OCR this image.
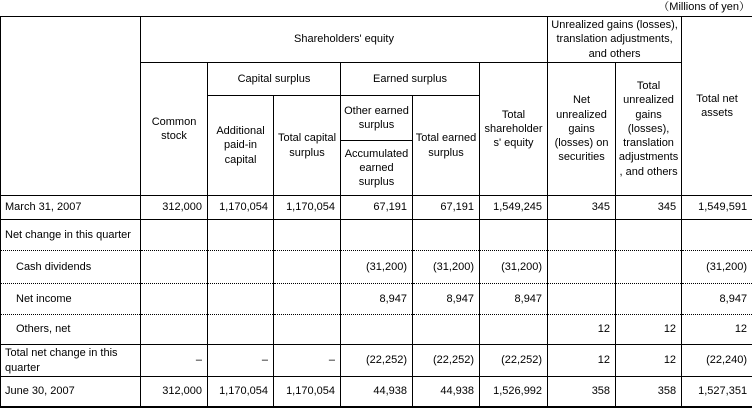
（Millions of yen）
	Shareholders' equity						Unrealized gains (losses), translation adjustments, and others		Total net assets
	Common stock	Capital surplus		Earned surplus		Total shareholders' equity	Net unrealized gains (losses) on securities	Total unrealized gains (losses), translation adjustments, and others	
		Additional paid-in capital	Total capital surplus	Other earned surplus	Total earned surplus				
				Accumulated earned surplus					
March 31, 2007	312,000	1,170,054	1,170,054	67,191	67,191	1,549,245	345	345	1,549,591
Net change in this quarter									
Cash dividends				(31,200)	(31,200)	(31,200)			(31,200)
Net income				8,947	8,947	8,947			8,947
Others, net							12	12	12
Total net change in this quarter	–	–	–	(22,252)	(22,252)	(22,252)	12	12	(22,240)
June 30, 2007	312,000	1,170,054	1,170,054	44,938	44,938	1,526,992	358	358	1,527,351
